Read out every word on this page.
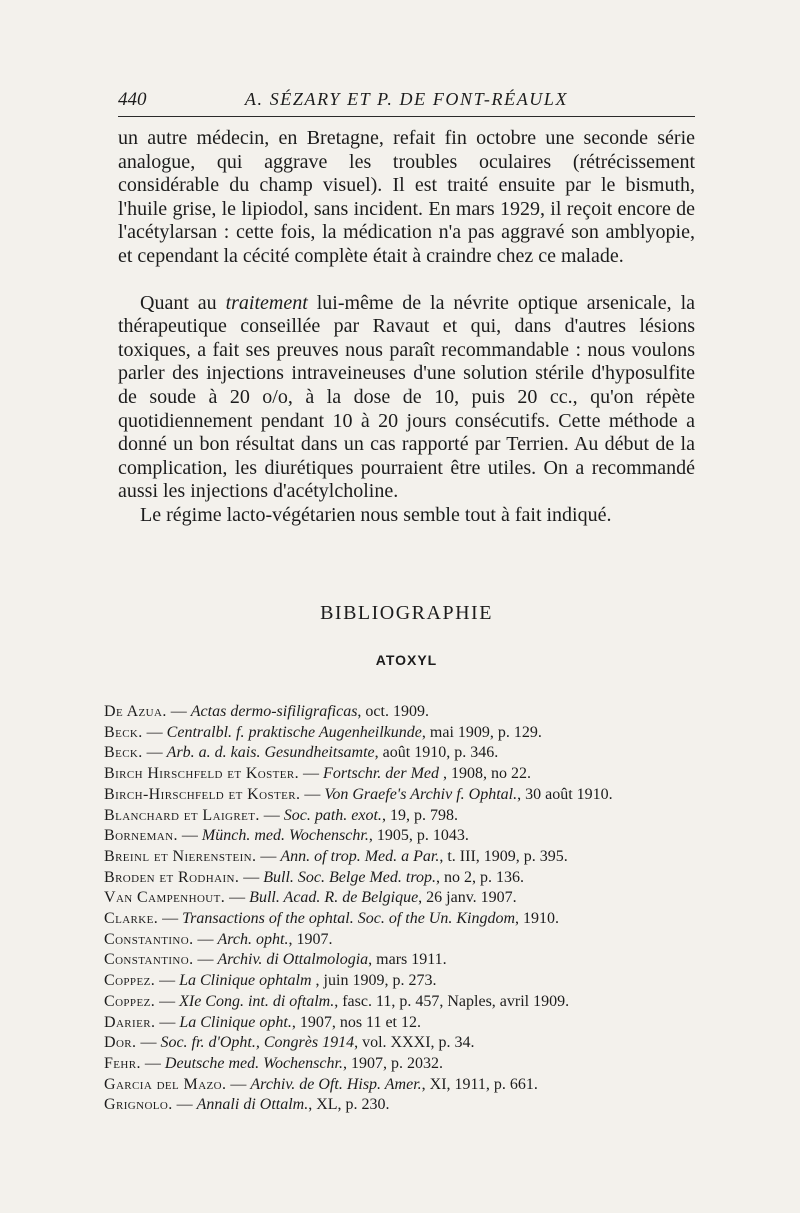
440	A. SÉZARY ET P. DE FONT-RÉAULX

un autre médecin, en Bretagne, refait fin octobre une seconde série analogue, qui aggrave les troubles oculaires (rétrécissement considérable du champ visuel). Il est traité ensuite par le bismuth, l'huile grise, le lipiodol, sans incident. En mars 1929, il reçoit encore de l'acétylarsan : cette fois, la médication n'a pas aggravé son amblyopie, et cependant la cécité complète était à craindre chez ce malade.

Quant au traitement lui-même de la névrite optique arsenicale, la thérapeutique conseillée par Ravaut et qui, dans d'autres lésions toxiques, a fait ses preuves nous paraît recommandable : nous voulons parler des injections intraveineuses d'une solution stérile d'hyposulfite de soude à 20 o/o, à la dose de 10, puis 20 cc., qu'on répète quotidiennement pendant 10 à 20 jours consécutifs. Cette méthode a donné un bon résultat dans un cas rapporté par Terrien. Au début de la complication, les diurétiques pourraient être utiles. On a recommandé aussi les injections d'acétylcholine.

Le régime lacto-végétarien nous semble tout à fait indiqué.

BIBLIOGRAPHIE
ATOXYL
De Azua. — Actas dermo-sifiligraficas, oct. 1909.
Beck. — Centralbl. f. praktische Augenheilkunde, mai 1909, p. 129.
Beck. — Arb. a. d. kais. Gesundheitsamte, août 1910, p. 346.
Birch Hirschfeld et Koster. — Fortschr. der Med , 1908, no 22.
Birch-Hirschfeld et Koster. — Von Graefe's Archiv f. Ophtal., 30 août 1910.
Blanchard et Laigret. — Soc. path. exot., 19, p. 798.
Borneman. — Münch. med. Wochenschr., 1905, p. 1043.
Breinl et Nierenstein. — Ann. of trop. Med. a Par., t. III, 1909, p. 395.
Broden et Rodhain. — Bull. Soc. Belge Med. trop., no 2, p. 136.
Van Campenhout. — Bull. Acad. R. de Belgique, 26 janv. 1907.
Clarke. — Transactions of the ophtal. Soc. of the Un. Kingdom, 1910.
Constantino. — Arch. opht., 1907.
Constantino. — Archiv. di Ottalmologia, mars 1911.
Coppez. — La Clinique ophtalm , juin 1909, p. 273.
Coppez. — XIe Cong. int. di oftalm., fasc. 11, p. 457, Naples, avril 1909.
Darier. — La Clinique opht., 1907, nos 11 et 12.
Dor. — Soc. fr. d'Opht., Congrès 1914, vol. XXXI, p. 34.
Fehr. — Deutsche med. Wochenschr., 1907, p. 2032.
Garcia del Mazo. — Archiv. de Oft. Hisp. Amer., XI, 1911, p. 661.
Grignolo. — Annali di Ottalm., XL, p. 230.
